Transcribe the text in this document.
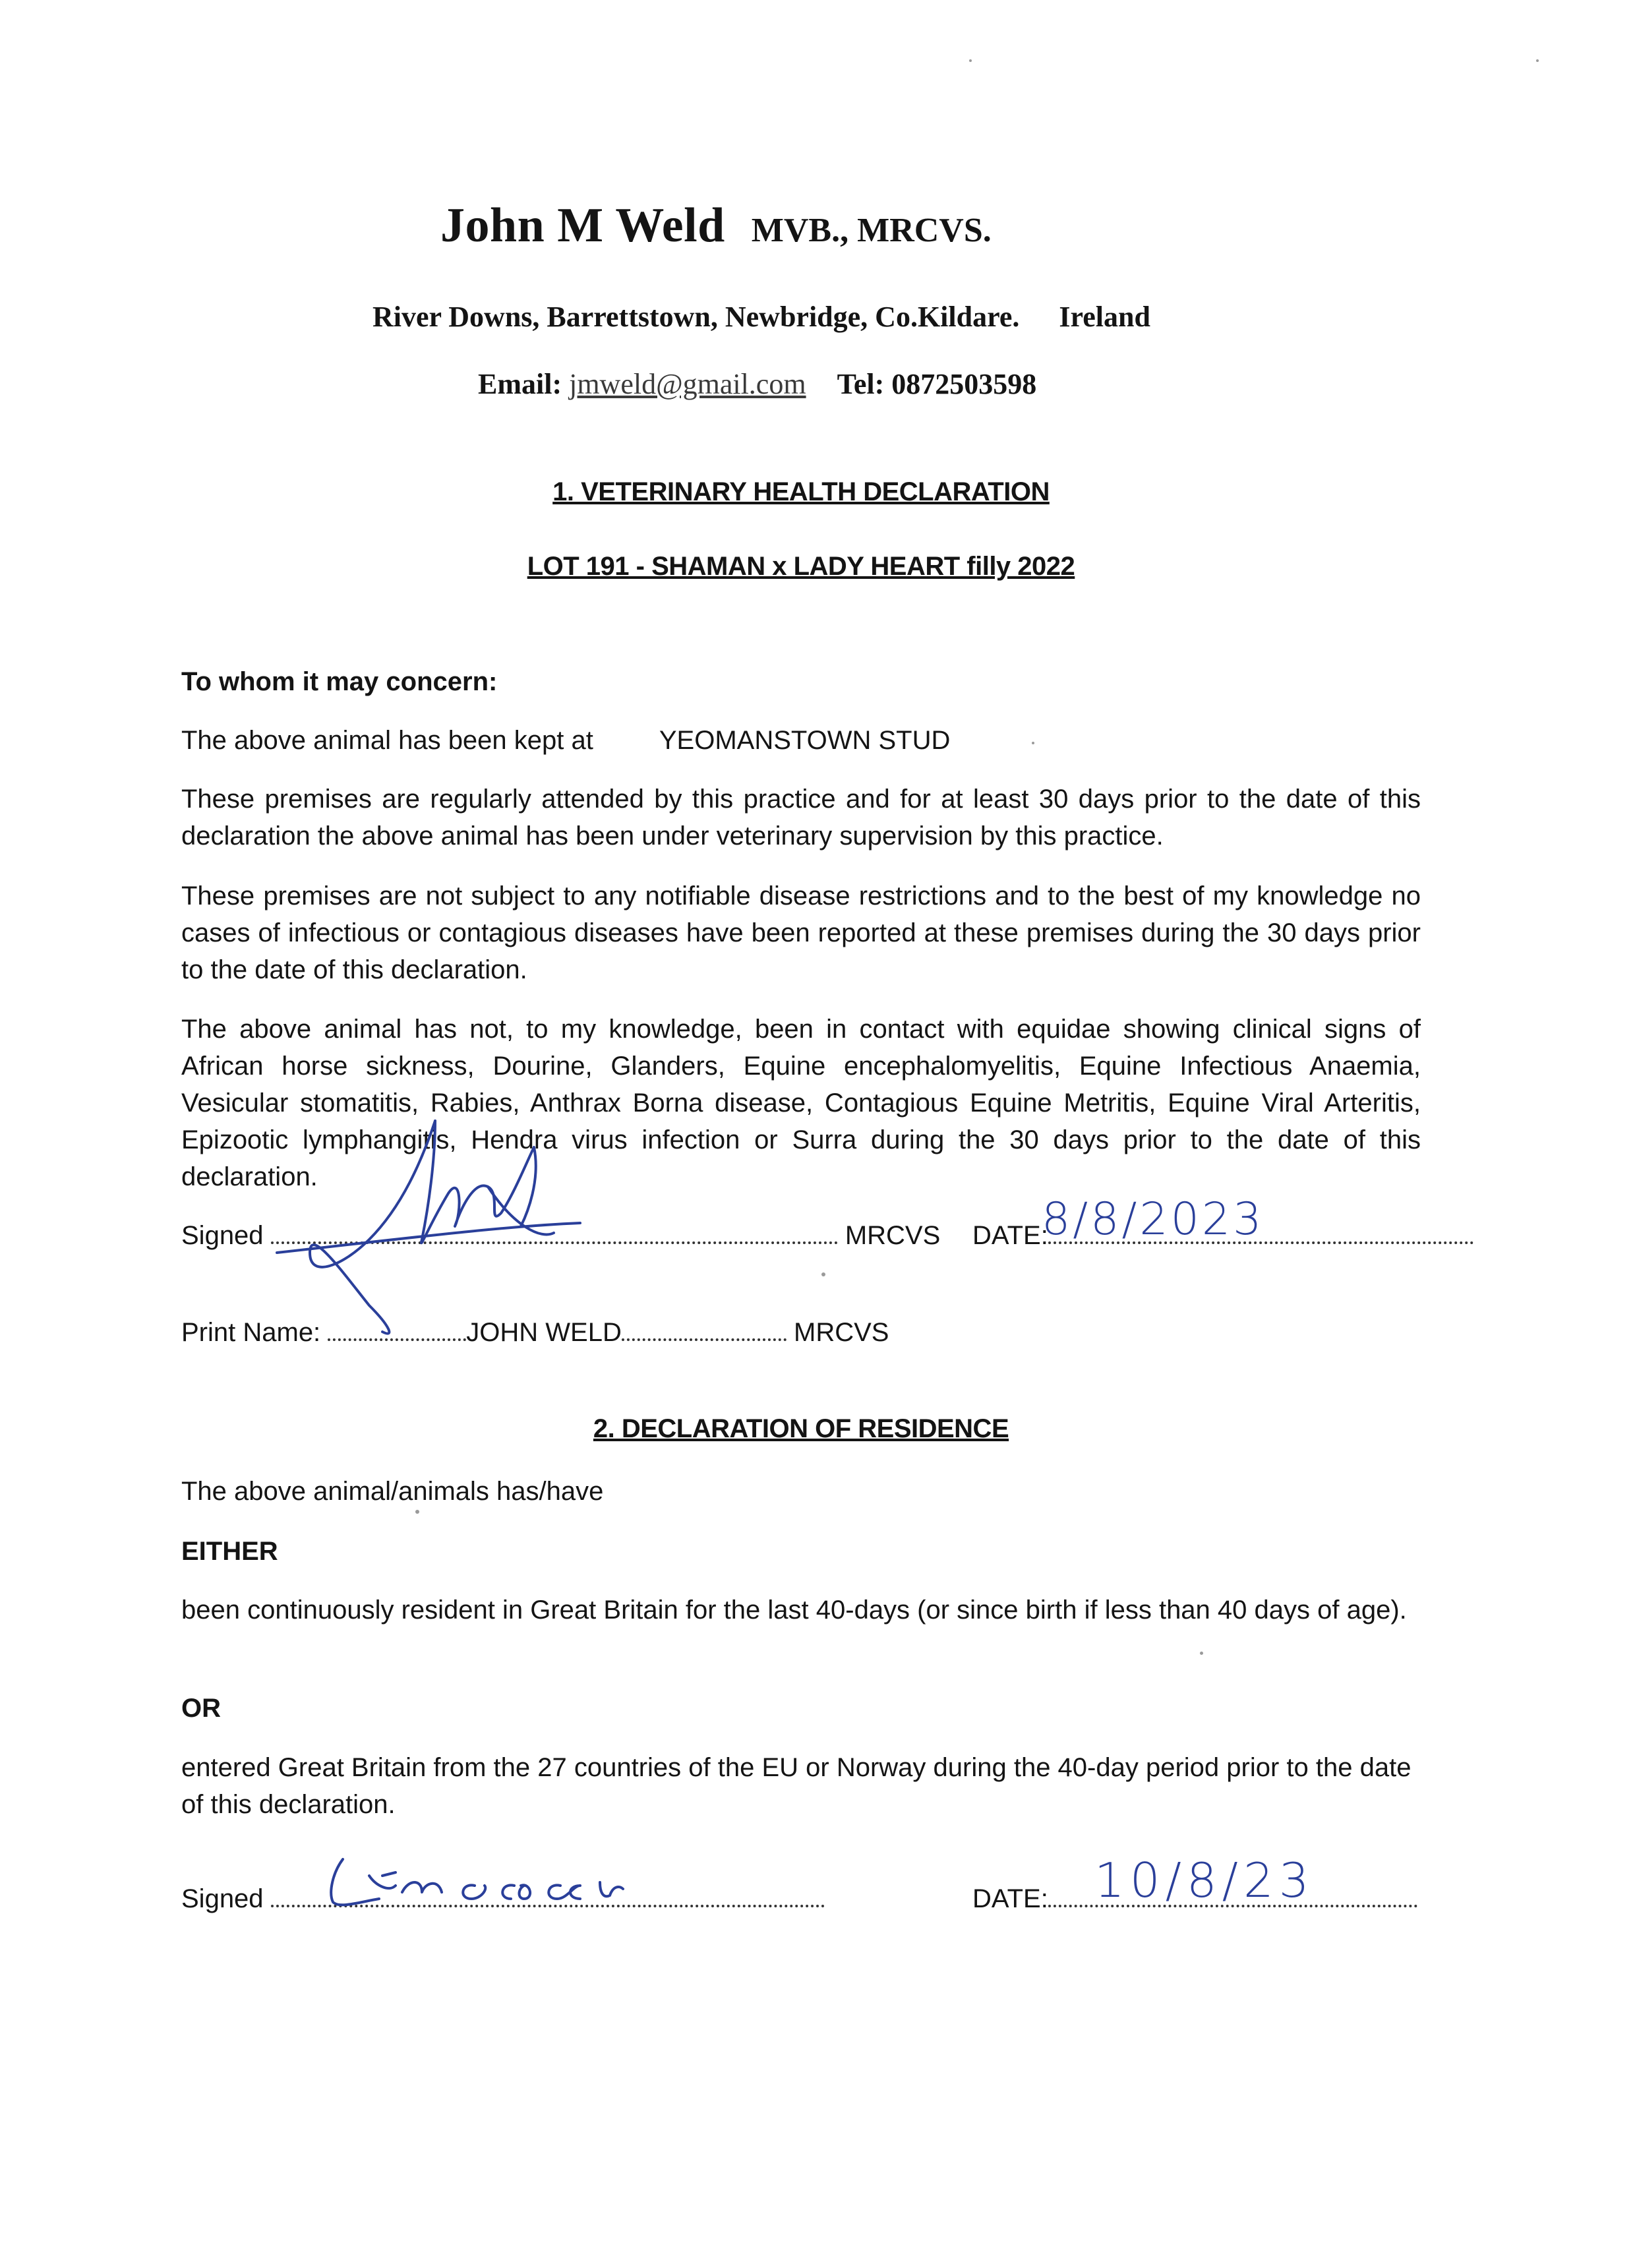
John M Weld MVB., MRCVS.
River Downs, Barrettstown, Newbridge, Co.Kildare. Ireland
Email: jmweld@gmail.com Tel: 0872503598
1. VETERINARY HEALTH DECLARATION
LOT 191 - SHAMAN x LADY HEART filly 2022
To whom it may concern:
The above animal has been kept at	YEOMANSTOWN STUD
These premises are regularly attended by this practice and for at least 30 days prior to the date of this declaration the above animal has been under veterinary supervision by this practice.
These premises are not subject to any notifiable disease restrictions and to the best of my knowledge no cases of infectious or contagious diseases have been reported at these premises during the 30 days prior to the date of this declaration.
The above animal has not, to my knowledge, been in contact with equidae showing clinical signs of African horse sickness, Dourine, Glanders, Equine encephalomyelitis, Equine Infectious Anaemia, Vesicular stomatitis, Rabies, Anthrax Borna disease, Contagious Equine Metritis, Equine Viral Arteritis, Epizootic lymphangitis, Hendra virus infection or Surra during the 30 days prior to the date of this declaration.
Signed	MRCVS DATE:
8/8/2023
Print Name:	JOHN WELD	MRCVS
2. DECLARATION OF RESIDENCE
The above animal/animals has/have
EITHER
been continuously resident in Great Britain for the last 40-days (or since birth if less than 40 days of age).
OR
entered Great Britain from the 27 countries of the EU or Norway during the 40-day period prior to the date of this declaration.
Signed	DATE: 10/8/23
